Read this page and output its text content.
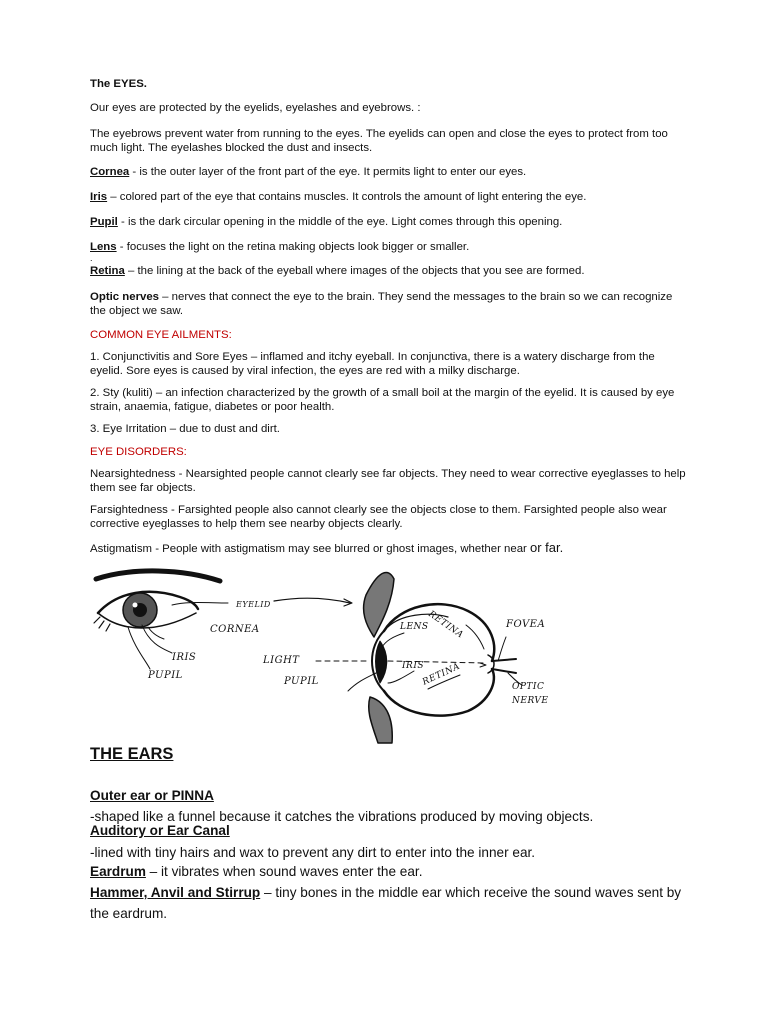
The EYES.

Our eyes are protected by the eyelids, eyelashes and eyebrows. :

The eyebrows prevent water from running to the eyes. The eyelids can open and close the eyes to protect from too much light. The eyelashes blocked the dust and insects.

Cornea - is the outer layer of the front part of the eye. It permits light to enter our eyes.

Iris – colored part of the eye that contains muscles. It controls the amount of light entering the eye.

Pupil - is the dark circular opening in the middle of the eye. Light comes through this opening.

Lens - focuses the light on the retina making objects look bigger or smaller.

.

Retina – the lining at the back of the eyeball where images of the objects that you see are formed.

Optic nerves – nerves that connect the eye to the brain. They send the messages to the brain so we can recognize the object we saw.

COMMON EYE AILMENTS:

1. Conjunctivitis and Sore Eyes – inflamed and itchy eyeball. In conjunctiva, there is a watery discharge from the eyelid. Sore eyes is caused by viral infection, the eyes are red with a milky discharge.

2. Sty (kuliti) – an infection characterized by the growth of a small boil at the margin of the eyelid. It is caused by eye strain, anaemia, fatigue, diabetes or poor health.

3. Eye Irritation – due to dust and dirt.

EYE DISORDERS:

Nearsightedness - Nearsighted people cannot clearly see far objects. They need to wear corrective eyeglasses to help them see far objects.

Farsightedness - Farsighted people also cannot clearly see the objects close to them. Farsighted people also wear corrective eyeglasses to help them see nearby objects clearly.

Astigmatism - People with astigmatism may see blurred or ghost images, whether near or far.

THE EARS

Outer ear or PINNA

-shaped like a funnel because it catches the vibrations produced by moving objects.

Auditory or Ear Canal

-lined with tiny hairs and wax to prevent any dirt to enter into the inner ear.

Eardrum – it vibrates when sound waves enter the ear.

Hammer, Anvil and Stirrup – tiny bones in the middle ear which receive the sound waves sent by the eardrum.

EYELID
CORNEA
IRIS
PUPIL
LIGHT
PUPIL
LENS
RETINA
IRIS
RETINA
FOVEA
OPTIC
NERVE
